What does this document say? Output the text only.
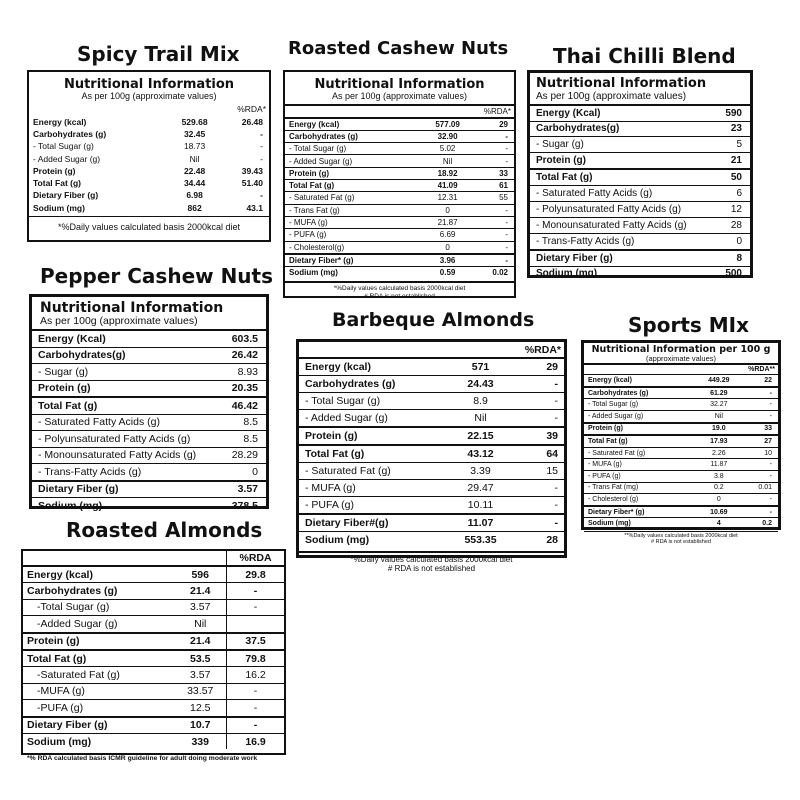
Spicy Trail Mix
Nutritional Information
As per 100g (approximate values)
		%RDA*
Energy (kcal)	529.68	26.48
Carbohydrates (g)	32.45	-
- Total Sugar (g)	18.73	-
- Added Sugar (g)	Nil	-
Protein (g)	22.48	39.43
Total Fat (g)	34.44	51.40
Dietary Fiber (g)	6.98	-
Sodium (mg)	862	43.1
*%Daily values calculated basis 2000kcal diet
Roasted Cashew Nuts
Nutritional Information
As per 100g (approximate values)
		%RDA*
Energy (kcal)	577.09	29
Carbohydrates (g)	32.90	-
- Total Sugar (g)	5.02	-
- Added Sugar (g)	Nil	-
Protein (g)	18.92	33
Total Fat (g)	41.09	61
- Saturated Fat (g)	12.31	55
- Trans Fat (g)	0	-
- MUFA (g)	21.87	-
- PUFA (g)	6.69	-
- Cholesterol(g)	0	-
Dietary Fiber* (g)	3.96	-
Sodium (mg)	0.59	0.02
*%Daily values calculated basis 2000kcal diet
# RDA is not established
Thai Chilli Blend
Nutritional Information
As per 100g (approximate values)
Energy (Kcal)	590
Carbohydrates(g)	23
- Sugar (g)	5
Protein (g)	21
Total Fat (g)	50
- Saturated Fatty Acids (g)	6
- Polyunsaturated Fatty Acids (g)	12
- Monounsaturated Fatty Acids (g)	28
- Trans-Fatty Acids (g)	0
Dietary Fiber (g)	8
Sodium (mg)	500
Pepper Cashew Nuts
Nutritional Information
As per 100g (approximate values)
Energy (Kcal)	603.5
Carbohydrates(g)	26.42
- Sugar (g)	8.93
Protein (g)	20.35
Total Fat (g)	46.42
- Saturated Fatty Acids (g)	8.5
- Polyunsaturated Fatty Acids (g)	8.5
- Monounsaturated Fatty Acids (g)	28.29
- Trans-Fatty Acids (g)	0
Dietary Fiber (g)	3.57
Sodium (mg)	378.5
Barbeque Almonds
		%RDA*
Energy (kcal)	571	29
Carbohydrates (g)	24.43	-
- Total Sugar (g)	8.9	-
- Added Sugar (g)	Nil	-
Protein (g)	22.15	39
Total Fat (g)	43.12	64
- Saturated Fat (g)	3.39	15
- MUFA (g)	29.47	-
- PUFA (g)	10.11	-
Dietary Fiber#(g)	11.07	-
Sodium (mg)	553.35	28
*%Daily values calculated basis 2000kcal diet
# RDA is not established
Sports MIx
Nutritional Information per 100 g
(approximate values)
		%RDA**
Energy (kcal)	449.29	22
Carbohydrates (g)	61.29	-
- Total Sugar (g)	32.27	-
- Added Sugar (g)	Nil	-
Protein (g)	19.0	33
Total Fat (g)	17.93	27
- Saturated Fat (g)	2.26	10
- MUFA (g)	11.87	-
- PUFA (g)	3.8	-
- Trans Fat (mg)	0.2	0.01
- Cholesterol (g)	0	-
Dietary Fiber* (g)	10.69	-
Sodium (mg)	4	0.2
**%Daily values calculated basis 2000kcal diet
# RDA is not established
Roasted Almonds
		%RDA
Energy (kcal)	596	29.8
Carbohydrates (g)	21.4	-
-Total Sugar (g)	3.57	-
-Added Sugar (g)	Nil	
Protein (g)	21.4	37.5
Total Fat (g)	53.5	79.8
-Saturated Fat (g)	3.57	16.2
-MUFA (g)	33.57	-
-PUFA (g)	12.5	-
Dietary Fiber (g)	10.7	-
Sodium (mg)	339	16.9
*% RDA calculated basis ICMR guideline for adult doing moderate work
